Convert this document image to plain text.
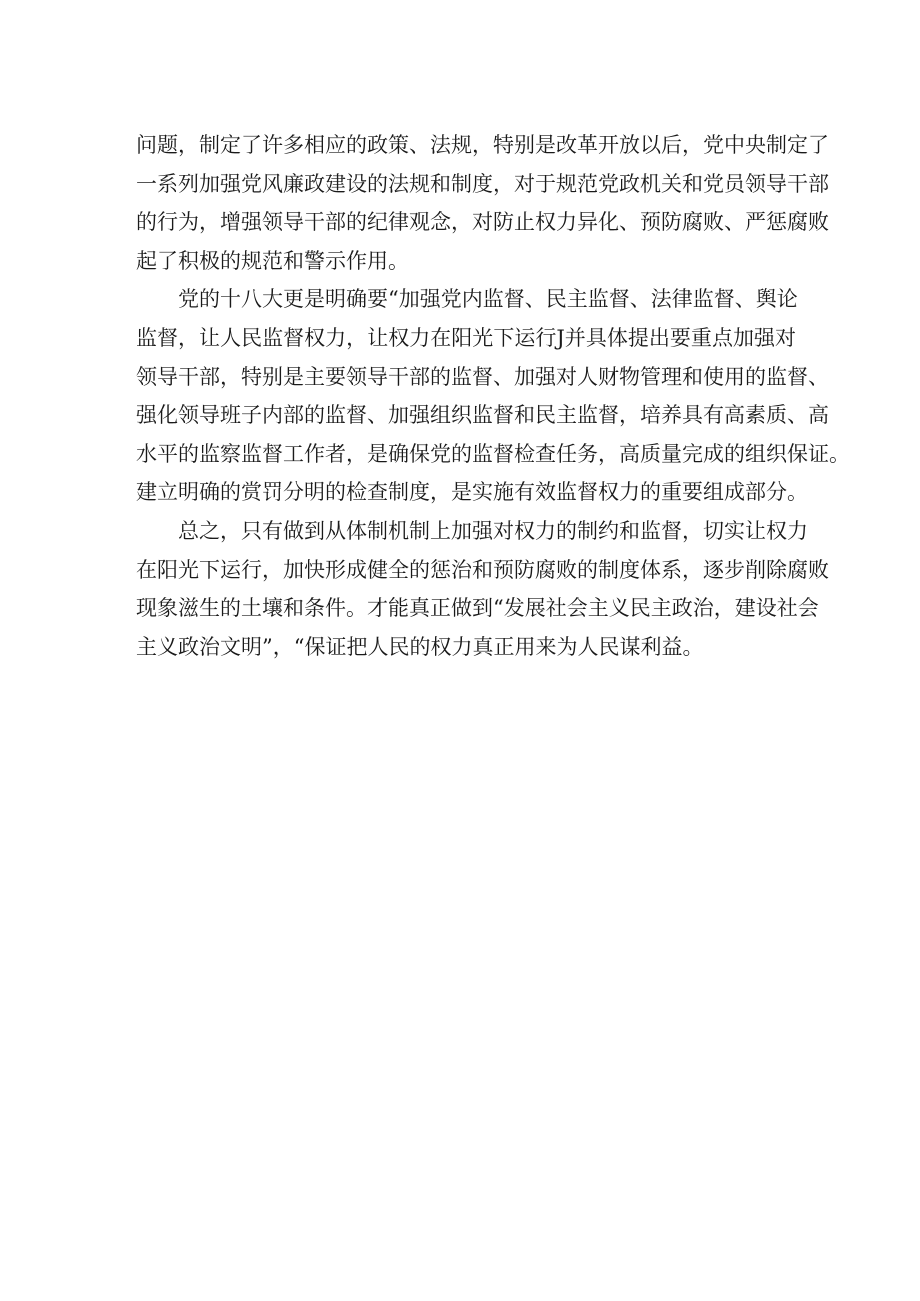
问题，制定了许多相应的政策、法规，特别是改革开放以后，党中央制定了
一系列加强党风廉政建设的法规和制度，对于规范党政机关和党员领导干部
的行为，增强领导干部的纪律观念，对防止权力异化、预防腐败、严惩腐败
起了积极的规范和警示作用。
党的十八大更是明确要“加强党内监督、民主监督、法律监督、舆论
监督，让人民监督权力，让权力在阳光下运行J并具体提出要重点加强对
领导干部，特别是主要领导干部的监督、加强对人财物管理和使用的监督、
强化领导班子内部的监督、加强组织监督和民主监督，培养具有高素质、高
水平的监察监督工作者，是确保党的监督检查任务，高质量完成的组织保证。
建立明确的赏罚分明的检查制度，是实施有效监督权力的重要组成部分。
总之，只有做到从体制机制上加强对权力的制约和监督，切实让权力
在阳光下运行，加快形成健全的惩治和预防腐败的制度体系，逐步削除腐败
现象滋生的土壤和条件。才能真正做到“发展社会主义民主政治，建设社会
主义政治文明”，“保证把人民的权力真正用来为人民谋利益。
